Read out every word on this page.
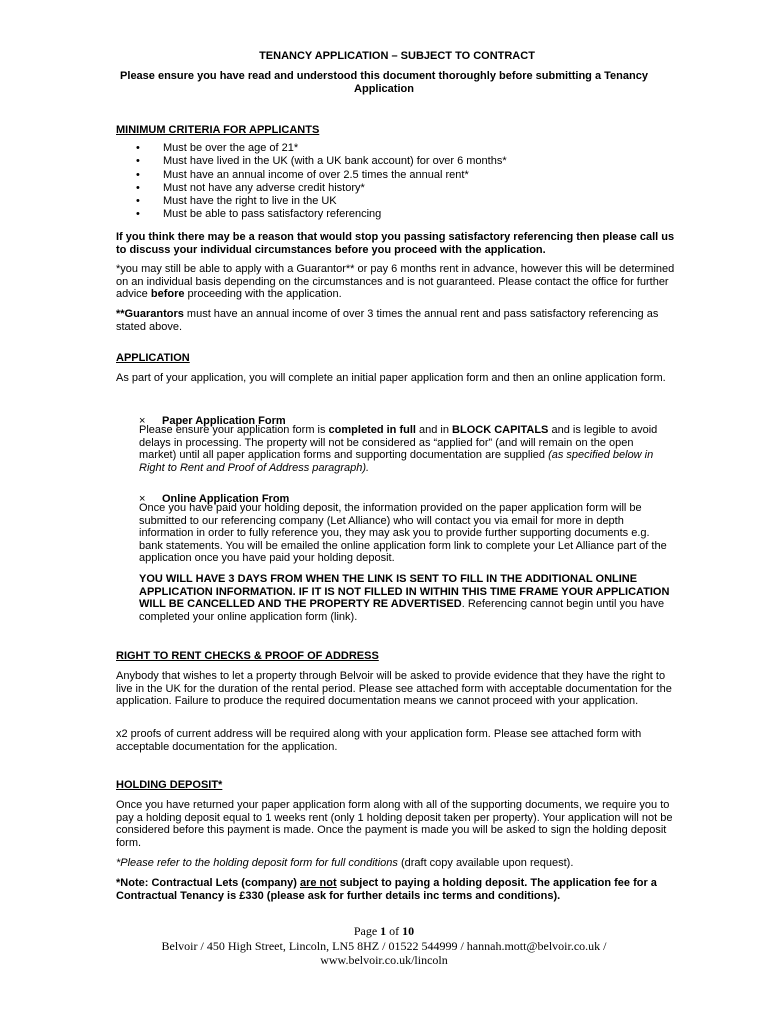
TENANCY APPLICATION – SUBJECT TO CONTRACT

Please ensure you have read and understood this document thoroughly before submitting a Tenancy Application

MINIMUM CRITERIA FOR APPLICANTS

• Must be over the age of 21*
• Must have lived in the UK (with a UK bank account) for over 6 months*
• Must have an annual income of over 2.5 times the annual rent*
• Must not have any adverse credit history*
• Must have the right to live in the UK
• Must be able to pass satisfactory referencing

If you think there may be a reason that would stop you passing satisfactory referencing then please call us to discuss your individual circumstances before you proceed with the application.

*you may still be able to apply with a Guarantor** or pay 6 months rent in advance, however this will be determined on an individual basis depending on the circumstances and is not guaranteed. Please contact the office for further advice before proceeding with the application.

**Guarantors must have an annual income of over 3 times the annual rent and pass satisfactory referencing as stated above.

APPLICATION

As part of your application, you will complete an initial paper application form and then an online application form.

× Paper Application Form

Please ensure your application form is completed in full and in BLOCK CAPITALS and is legible to avoid delays in processing. The property will not be considered as “applied for” (and will remain on the open market) until all paper application forms and supporting documentation are supplied (as specified below in Right to Rent and Proof of Address paragraph).

× Online Application From

Once you have paid your holding deposit, the information provided on the paper application form will be submitted to our referencing company (Let Alliance) who will contact you via email for more in depth information in order to fully reference you, they may ask you to provide further supporting documents e.g. bank statements. You will be emailed the online application form link to complete your Let Alliance part of the application once you have paid your holding deposit.

YOU WILL HAVE 3 DAYS FROM WHEN THE LINK IS SENT TO FILL IN THE ADDITIONAL ONLINE APPLICATION INFORMATION. IF IT IS NOT FILLED IN WITHIN THIS TIME FRAME YOUR APPLICATION WILL BE CANCELLED AND THE PROPERTY RE ADVERTISED. Referencing cannot begin until you have completed your online application form (link).

RIGHT TO RENT CHECKS & PROOF OF ADDRESS

Anybody that wishes to let a property through Belvoir will be asked to provide evidence that they have the right to live in the UK for the duration of the rental period. Please see attached form with acceptable documentation for the application. Failure to produce the required documentation means we cannot proceed with your application.

x2 proofs of current address will be required along with your application form. Please see attached form with acceptable documentation for the application.

HOLDING DEPOSIT*

Once you have returned your paper application form along with all of the supporting documents, we require you to pay a holding deposit equal to 1 weeks rent (only 1 holding deposit taken per property). Your application will not be considered before this payment is made. Once the payment is made you will be asked to sign the holding deposit form.

*Please refer to the holding deposit form for full conditions (draft copy available upon request).

*Note: Contractual Lets (company) are not subject to paying a holding deposit. The application fee for a Contractual Tenancy is £330 (please ask for further details inc terms and conditions).

Page 1 of 10
Belvoir / 450 High Street, Lincoln, LN5 8HZ / 01522 544999 / hannah.mott@belvoir.co.uk /
www.belvoir.co.uk/lincoln
